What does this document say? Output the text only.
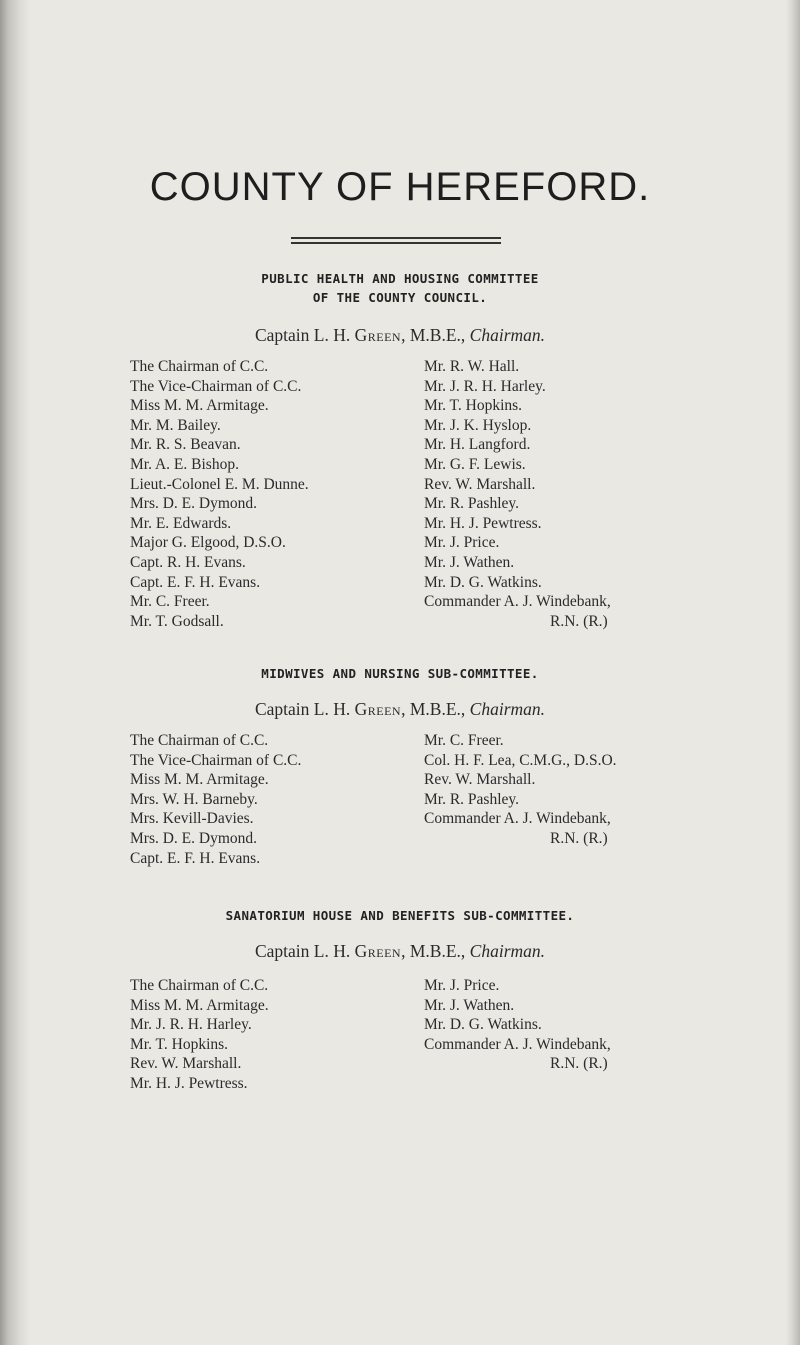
COUNTY OF HEREFORD.
PUBLIC HEALTH AND HOUSING COMMITTEE
OF THE COUNTY COUNCIL.
Captain L. H. Green, M.B.E., Chairman.
The Chairman of C.C.
The Vice-Chairman of C.C.
Miss M. M. Armitage.
Mr. M. Bailey.
Mr. R. S. Beavan.
Mr. A. E. Bishop.
Lieut.-Colonel E. M. Dunne.
Mrs. D. E. Dymond.
Mr. E. Edwards.
Major G. Elgood, D.S.O.
Capt. R. H. Evans.
Capt. E. F. H. Evans.
Mr. C. Freer.
Mr. T. Godsall.
Mr. R. W. Hall.
Mr. J. R. H. Harley.
Mr. T. Hopkins.
Mr. J. K. Hyslop.
Mr. H. Langford.
Mr. G. F. Lewis.
Rev. W. Marshall.
Mr. R. Pashley.
Mr. H. J. Pewtress.
Mr. J. Price.
Mr. J. Wathen.
Mr. D. G. Watkins.
Commander A. J. Windebank,
R.N. (R.)
MIDWIVES AND NURSING SUB-COMMITTEE.
Captain L. H. Green, M.B.E., Chairman.
The Chairman of C.C.
The Vice-Chairman of C.C.
Miss M. M. Armitage.
Mrs. W. H. Barneby.
Mrs. Kevill-Davies.
Mrs. D. E. Dymond.
Capt. E. F. H. Evans.
Mr. C. Freer.
Col. H. F. Lea, C.M.G., D.S.O.
Rev. W. Marshall.
Mr. R. Pashley.
Commander A. J. Windebank,
R.N. (R.)
SANATORIUM HOUSE AND BENEFITS SUB-COMMITTEE.
Captain L. H. Green, M.B.E., Chairman.
The Chairman of C.C.
Miss M. M. Armitage.
Mr. J. R. H. Harley.
Mr. T. Hopkins.
Rev. W. Marshall.
Mr. H. J. Pewtress.
Mr. J. Price.
Mr. J. Wathen.
Mr. D. G. Watkins.
Commander A. J. Windebank,
R.N. (R.)
